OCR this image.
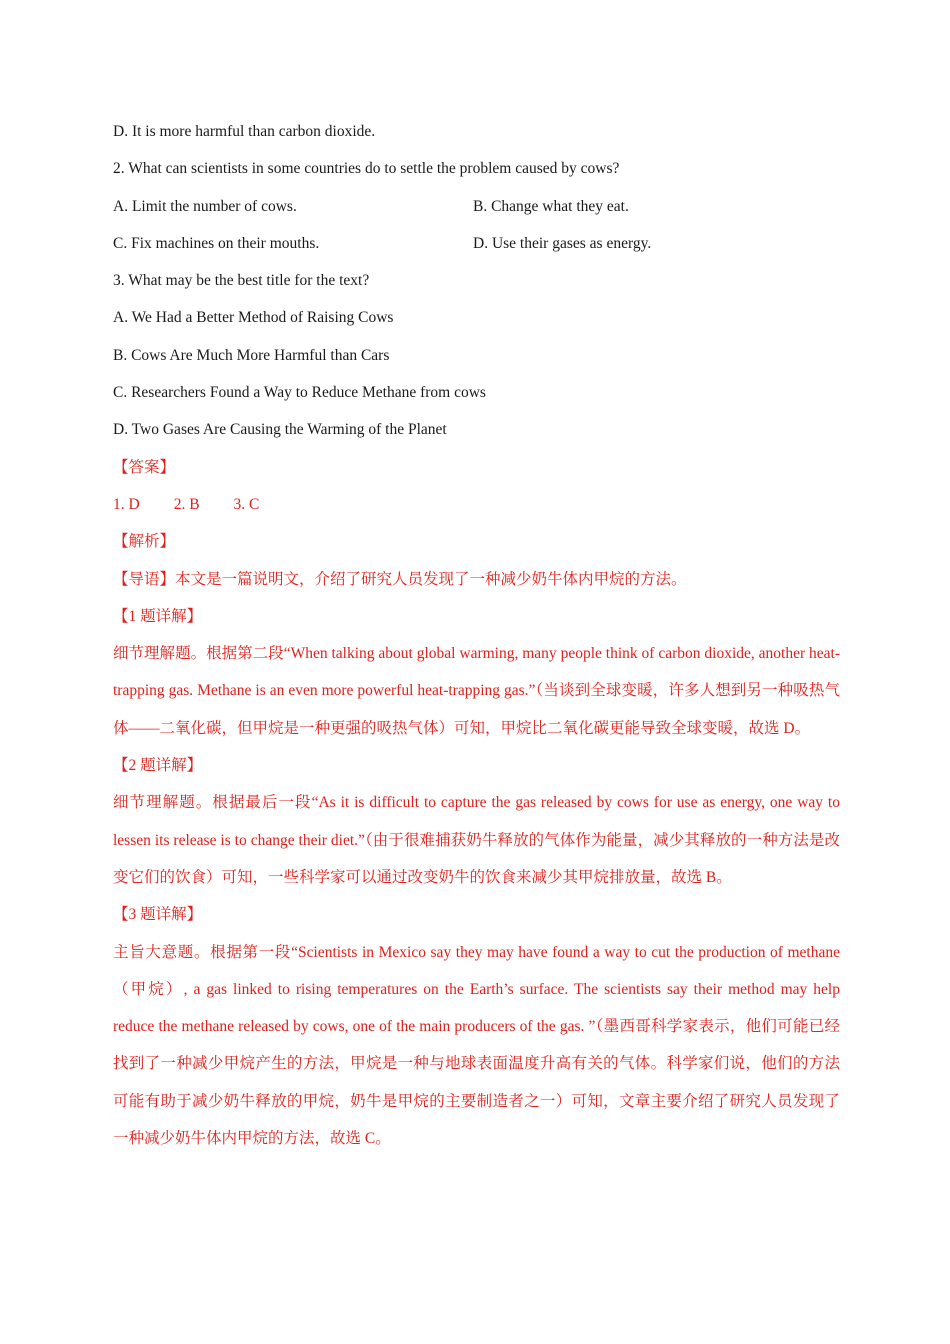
D. It is more harmful than carbon dioxide.
2. What can scientists in some countries do to settle the problem caused by cows?
A. Limit the number of cows.	B. Change what they eat.
C. Fix machines on their mouths.	D. Use their gases as energy.
3. What may be the best title for the text?
A. We Had a Better Method of Raising Cows
B. Cows Are Much More Harmful than Cars
C. Researchers Found a Way to Reduce Methane from cows
D. Two Gases Are Causing the Warming of the Planet
【答案】
1. D 2. B 3. C
【解析】
【导语】本文是一篇说明文，介绍了研究人员发现了一种减少奶牛体内甲烷的方法。
【1 题详解】
细节理解题。根据第二段“When talking about global warming, many people think of carbon dioxide, another heat-trapping gas. Methane is an even more powerful heat-trapping gas.”（当谈到全球变暖，许多人想到另一种吸热气体——二氧化碳，但甲烷是一种更强的吸热气体）可知，甲烷比二氧化碳更能导致全球变暖，故选 D。
【2 题详解】
细节理解题。根据最后一段“As it is difficult to capture the gas released by cows for use as energy, one way to lessen its release is to change their diet.”（由于很难捕获奶牛释放的气体作为能量，减少其释放的一种方法是改变它们的饮食）可知，一些科学家可以通过改变奶牛的饮食来减少其甲烷排放量，故选 B。
【3 题详解】
主旨大意题。根据第一段“Scientists in Mexico say they may have found a way to cut the production of methane （甲烷）, a gas linked to rising temperatures on the Earth’s surface. The scientists say their method may help reduce the methane released by cows, one of the main producers of the gas. ”（墨西哥科学家表示，他们可能已经找到了一种减少甲烷产生的方法，甲烷是一种与地球表面温度升高有关的气体。科学家们说，他们的方法可能有助于减少奶牛释放的甲烷，奶牛是甲烷的主要制造者之一）可知，文章主要介绍了研究人员发现了一种减少奶牛体内甲烷的方法，故选 C。
